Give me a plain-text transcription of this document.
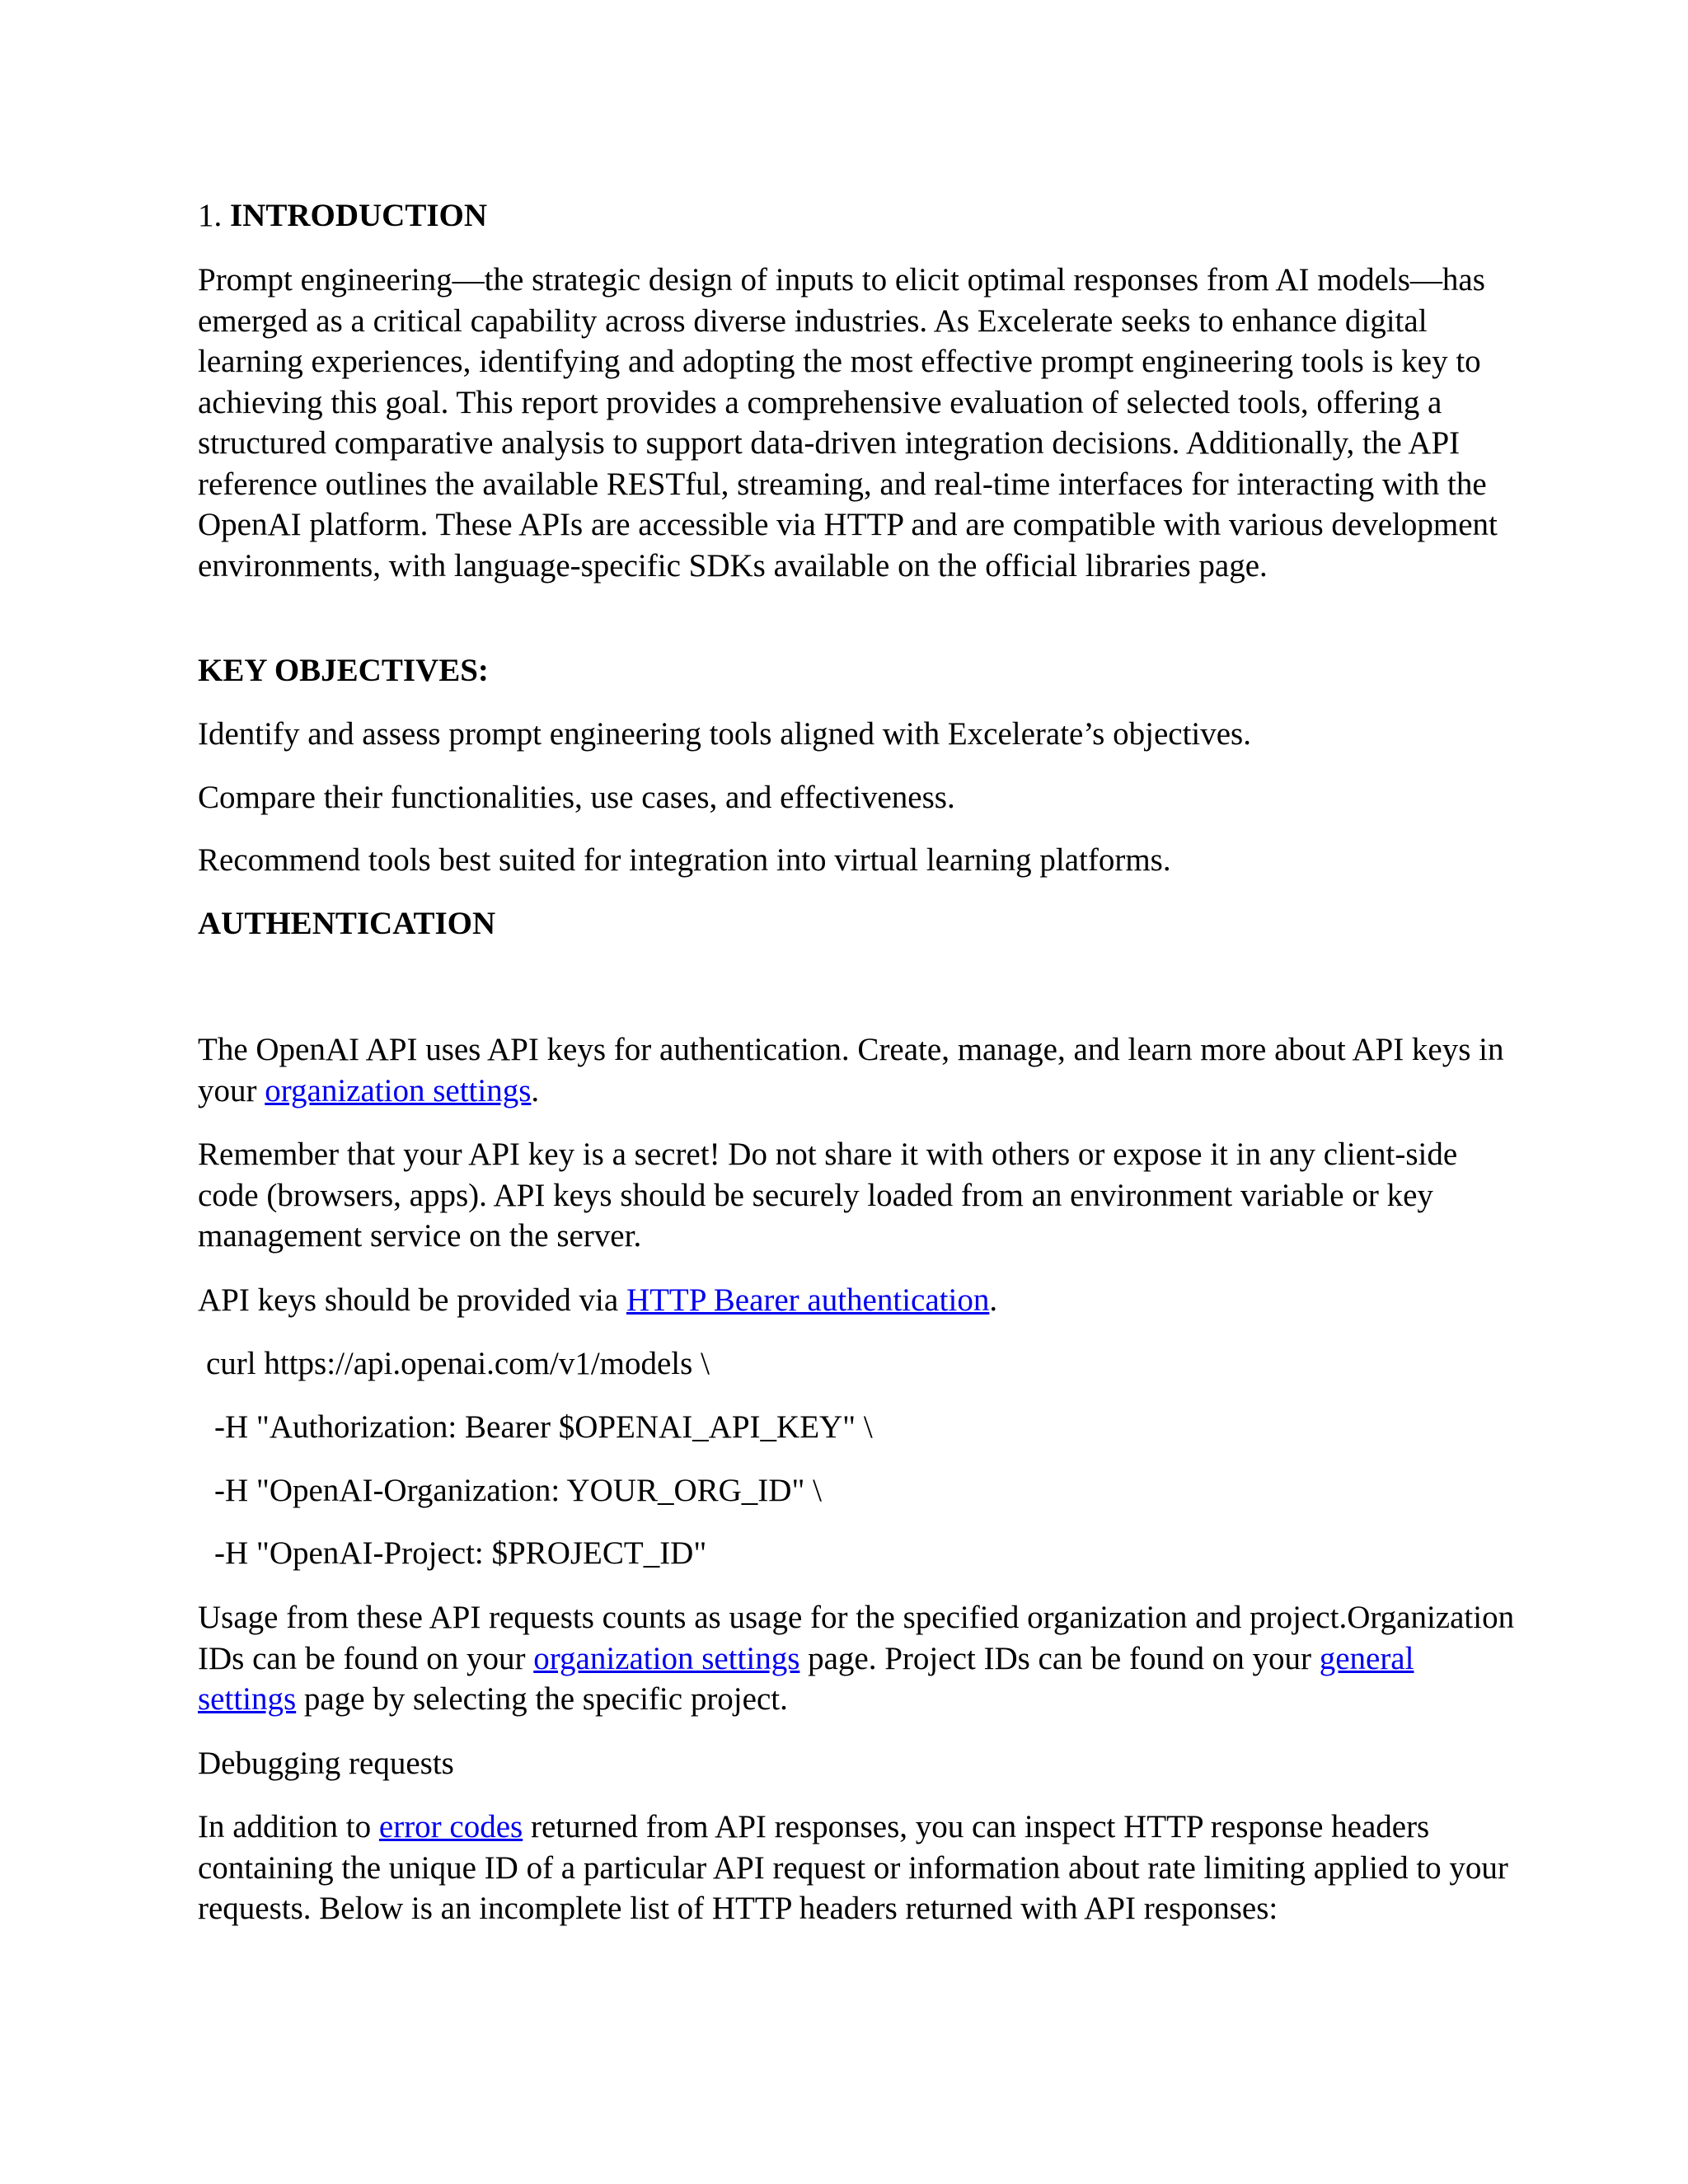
1. INTRODUCTION

Prompt engineering—the strategic design of inputs to elicit optimal responses from AI models—has emerged as a critical capability across diverse industries. As Excelerate seeks to enhance digital learning experiences, identifying and adopting the most effective prompt engineering tools is key to achieving this goal. This report provides a comprehensive evaluation of selected tools, offering a structured comparative analysis to support data-driven integration decisions. Additionally, the API reference outlines the available RESTful, streaming, and real-time interfaces for interacting with the OpenAI platform. These APIs are accessible via HTTP and are compatible with various development environments, with language-specific SDKs available on the official libraries page.

KEY OBJECTIVES:

Identify and assess prompt engineering tools aligned with Excelerate’s objectives.

Compare their functionalities, use cases, and effectiveness.

Recommend tools best suited for integration into virtual learning platforms.

AUTHENTICATION

The OpenAI API uses API keys for authentication. Create, manage, and learn more about API keys in your organization settings.

Remember that your API key is a secret! Do not share it with others or expose it in any client-side code (browsers, apps). API keys should be securely loaded from an environment variable or key management service on the server.

API keys should be provided via HTTP Bearer authentication.

curl https://api.openai.com/v1/models \

-H "Authorization: Bearer $OPENAI_API_KEY" \

-H "OpenAI-Organization: YOUR_ORG_ID" \

-H "OpenAI-Project: $PROJECT_ID"

Usage from these API requests counts as usage for the specified organization and project.Organization IDs can be found on your organization settings page. Project IDs can be found on your general settings page by selecting the specific project.

Debugging requests

In addition to error codes returned from API responses, you can inspect HTTP response headers containing the unique ID of a particular API request or information about rate limiting applied to your requests. Below is an incomplete list of HTTP headers returned with API responses:
